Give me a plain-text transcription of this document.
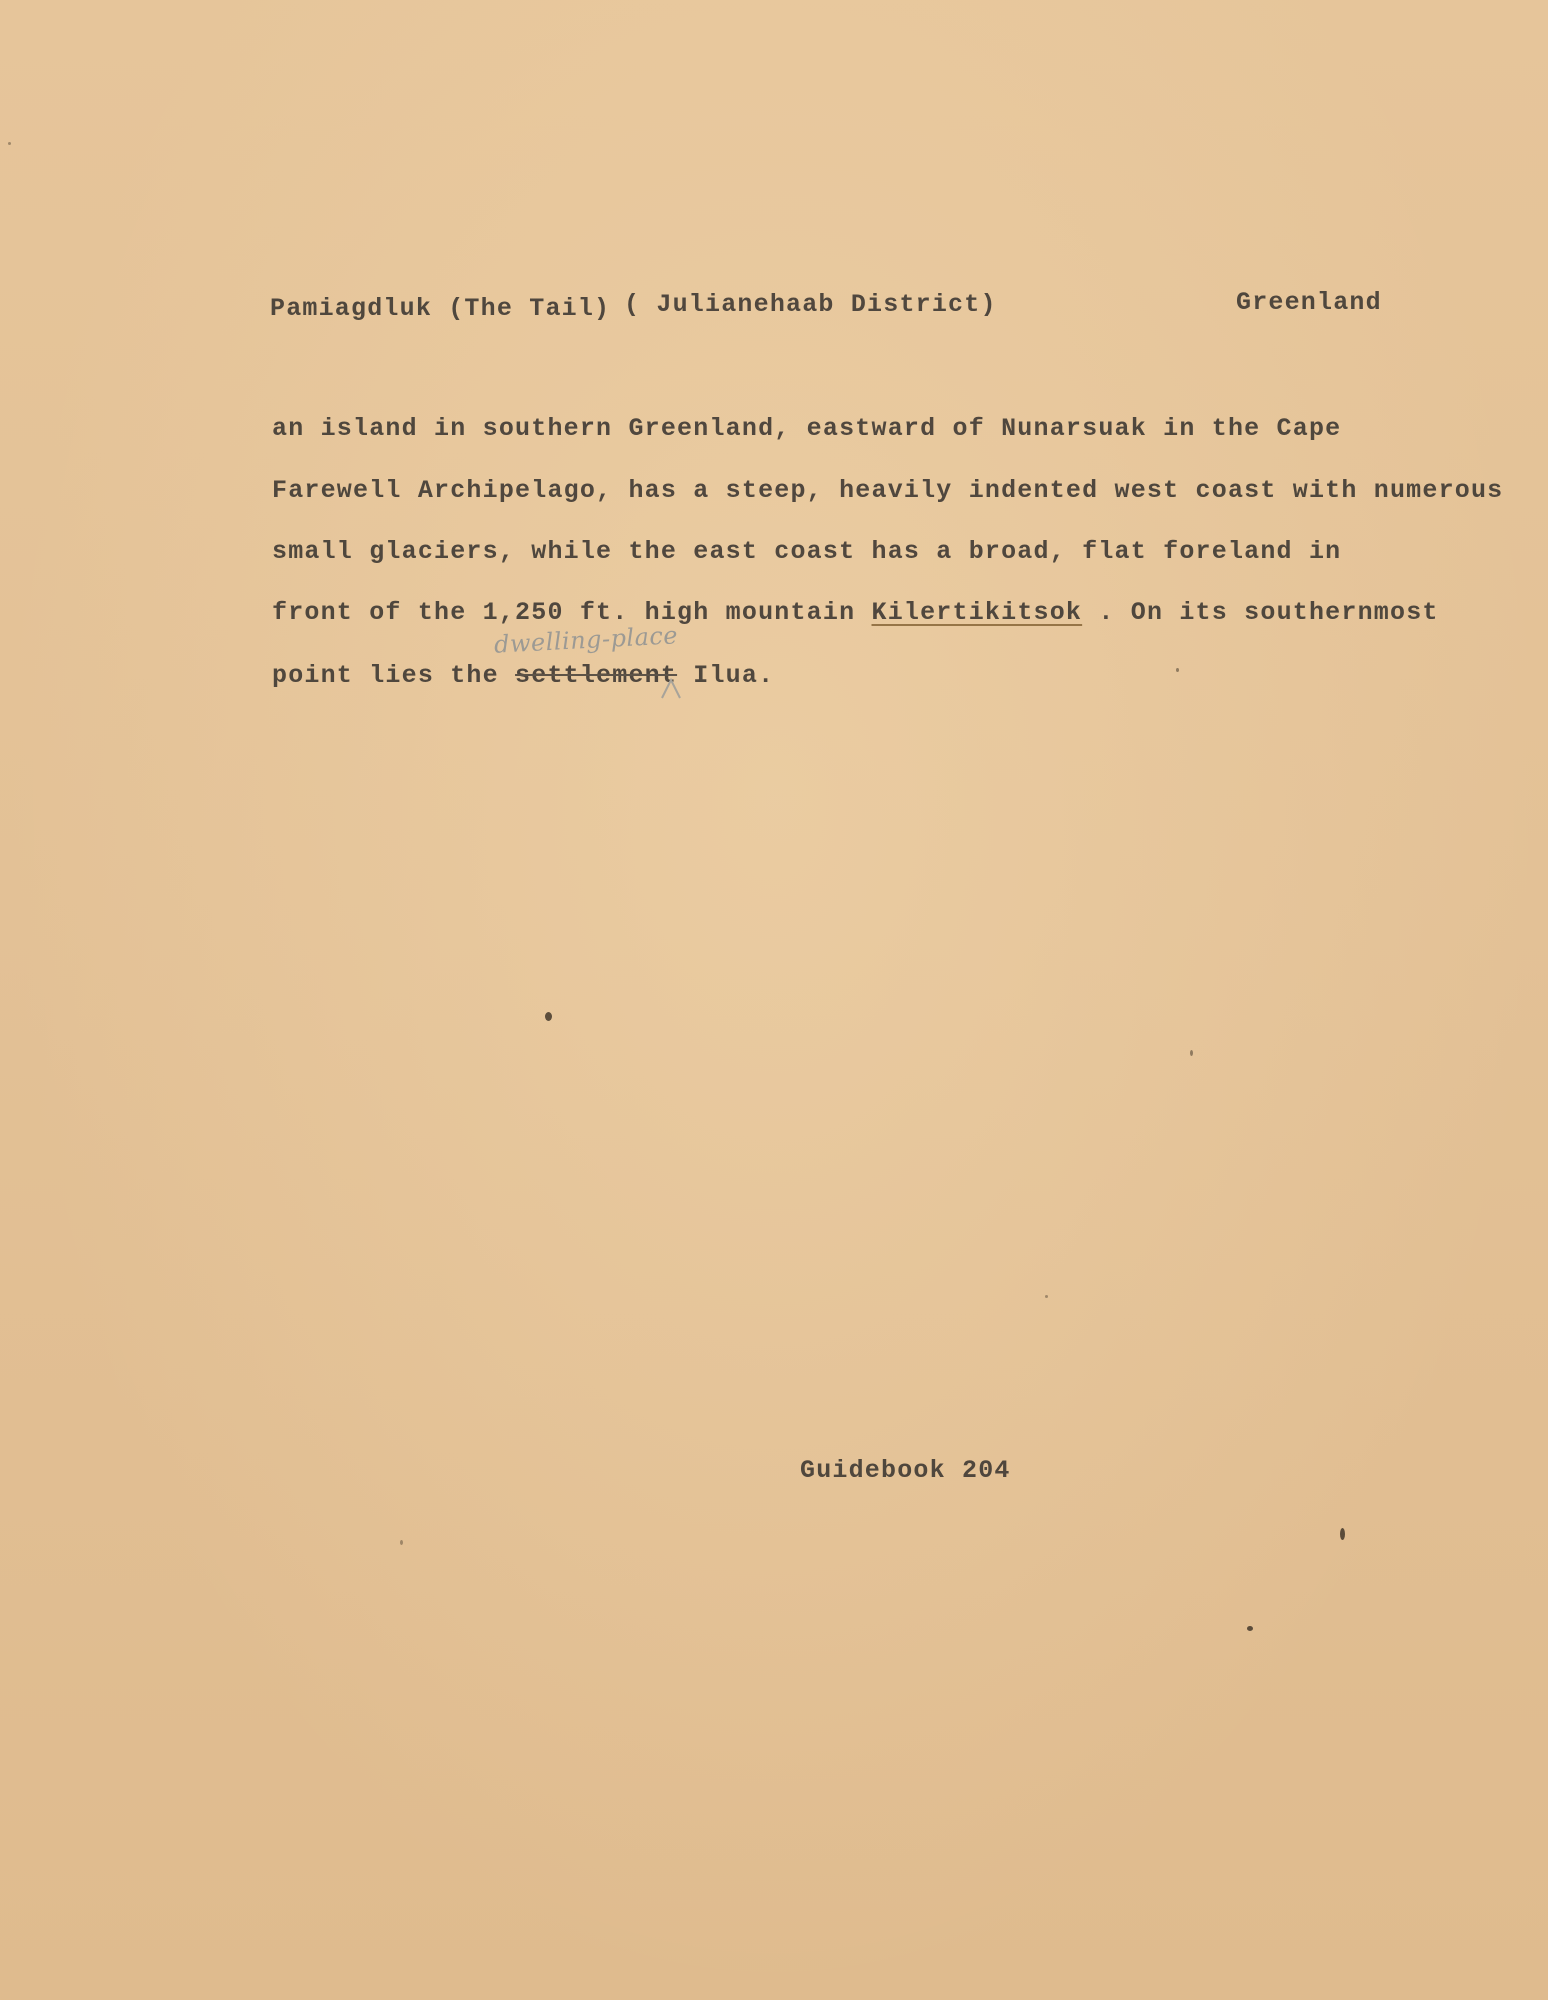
Pamiagdluk (The Tail) ( Julianehaab District)	Greenland
an island in southern Greenland, eastward of Nunarsuak in the Cape
Farewell Archipelago, has a steep, heavily indented west coast with numerous
small glaciers, while the east coast has a broad, flat foreland in
front of the 1,250 ft. high mountain Kilertikitsok . On its southernmost
point lies the settlement Ilua.
dwelling-place
Guidebook 204
